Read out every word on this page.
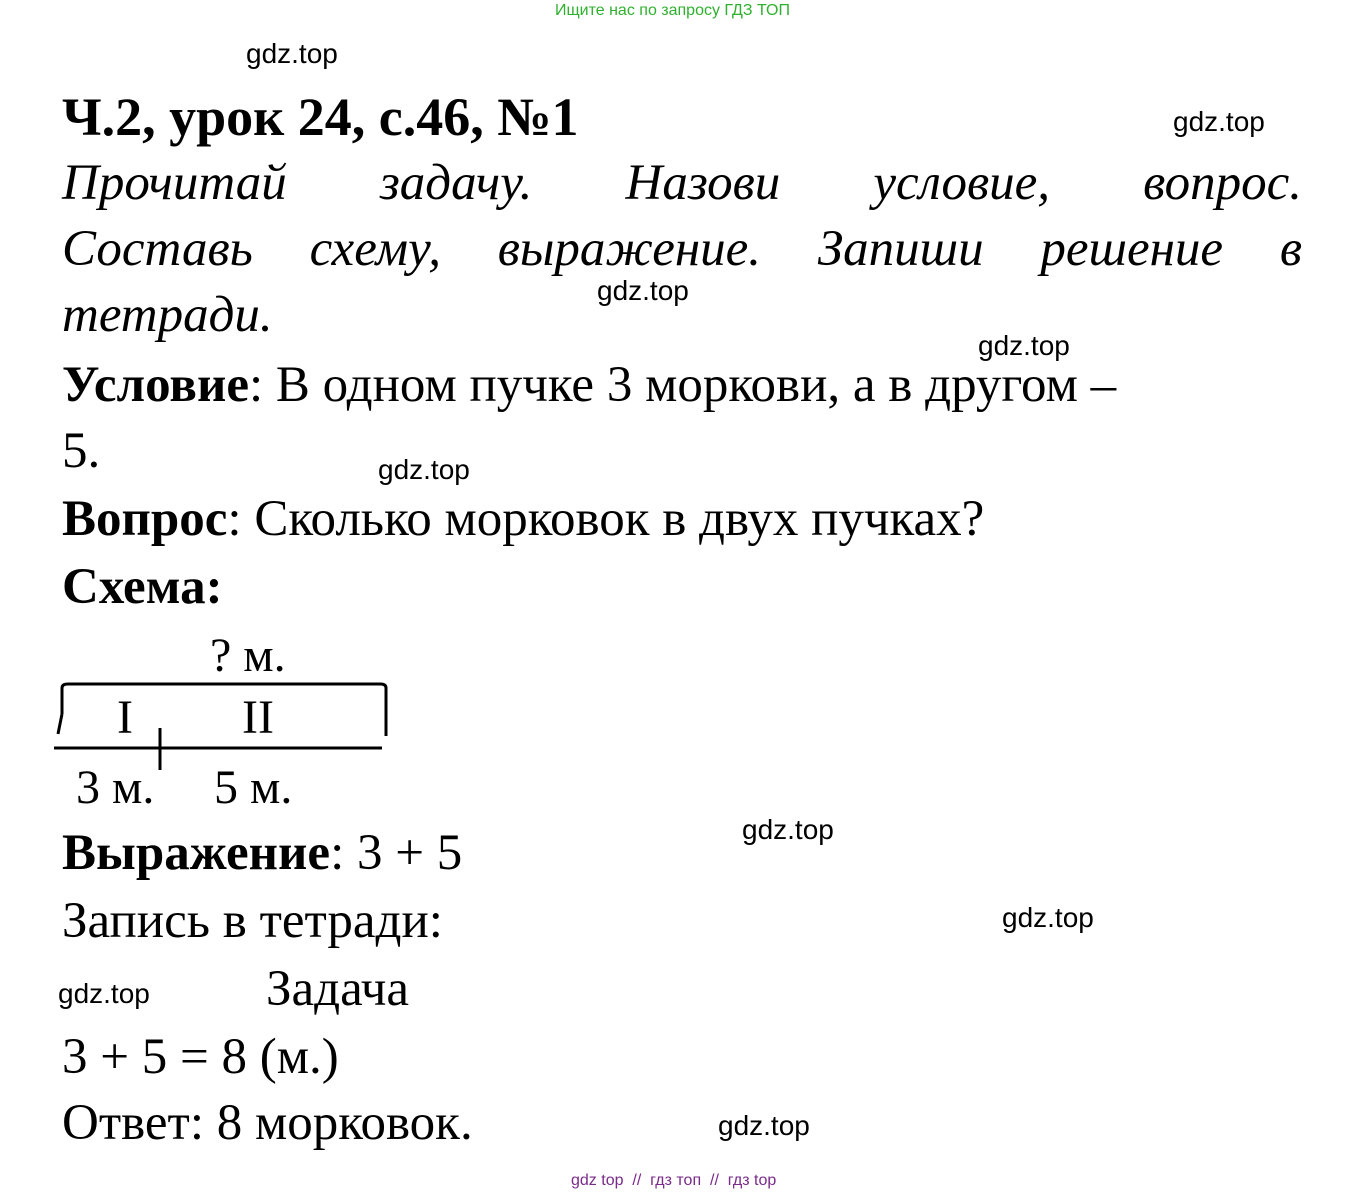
Ищите нас по запросу ГДЗ ТОП
gdz.top
gdz.top
gdz.top
gdz.top
gdz.top
gdz.top
gdz.top
gdz.top
gdz.top
Ч.2, урок 24, с.46, №1
Прочитай задачу. Назови условие, вопрос.
Составь схему, выражение. Запиши решение в
тетради.
Условие: В одном пучке 3 моркови, а в другом –
5.
Вопрос: Сколько морковок в двух пучках?
Схема:
? м.
I II
3 м. 5 м.
Выражение: 3 + 5
Запись в тетради:
Задача
3 + 5 = 8 (м.)
Ответ: 8 морковок.
gdz top  //  гдз топ  //  гдз top
